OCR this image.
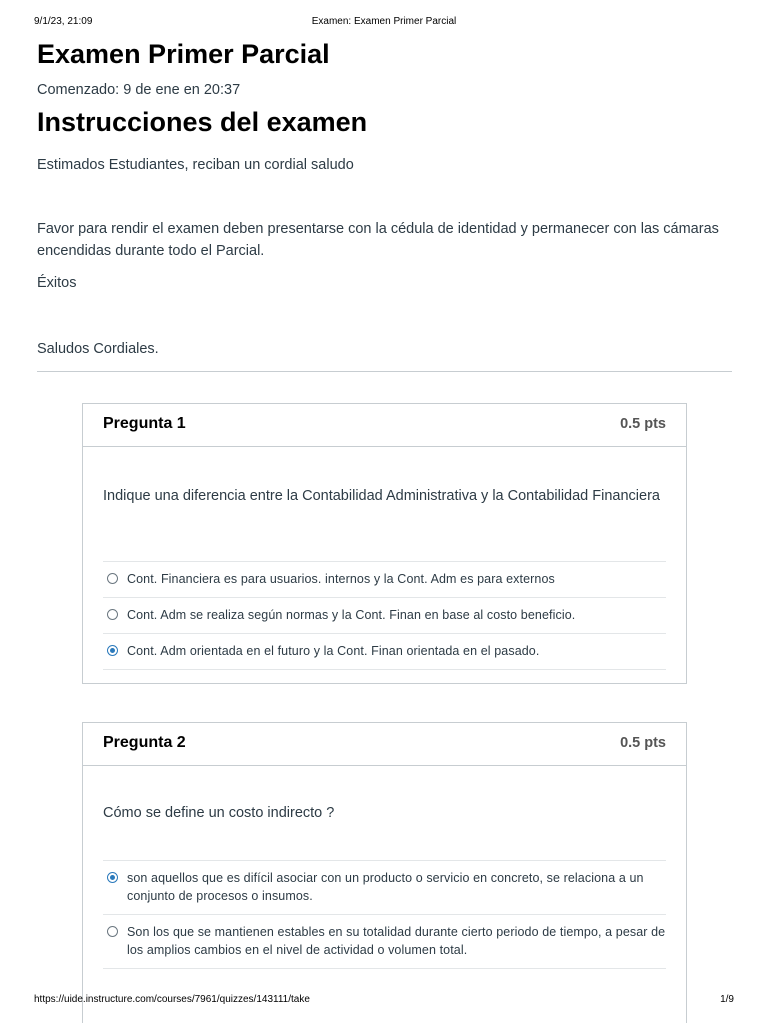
9/1/23, 21:09	Examen: Examen Primer Parcial
Examen Primer Parcial
Comenzado: 9 de ene en 20:37
Instrucciones del examen

Estimados Estudiantes, reciban un cordial saludo

Favor para rendir el examen deben presentarse con la cédula de identidad y permanecer con las cámaras encendidas durante todo el Parcial.

Éxitos

Saludos Cordiales.

Pregunta 1	0.5 pts
Indique una diferencia entre la Contabilidad Administrativa y la Contabilidad Financiera
Cont. Financiera es para usuarios. internos y la Cont. Adm es para externos
Cont. Adm se realiza según normas y la Cont. Finan en base al costo beneficio.
Cont. Adm orientada en el futuro y la Cont. Finan orientada en el pasado.
Pregunta 2	0.5 pts
Cómo se define un costo indirecto ?
son aquellos que es difícil asociar con un producto o servicio en concreto, se relaciona a un conjunto de procesos o insumos.
Son los que se mantienen estables en su totalidad durante cierto periodo de tiempo, a pesar de los amplios cambios en el nivel de actividad o volumen total.
https://uide.instructure.com/courses/7961/quizzes/143111/take	1/9
